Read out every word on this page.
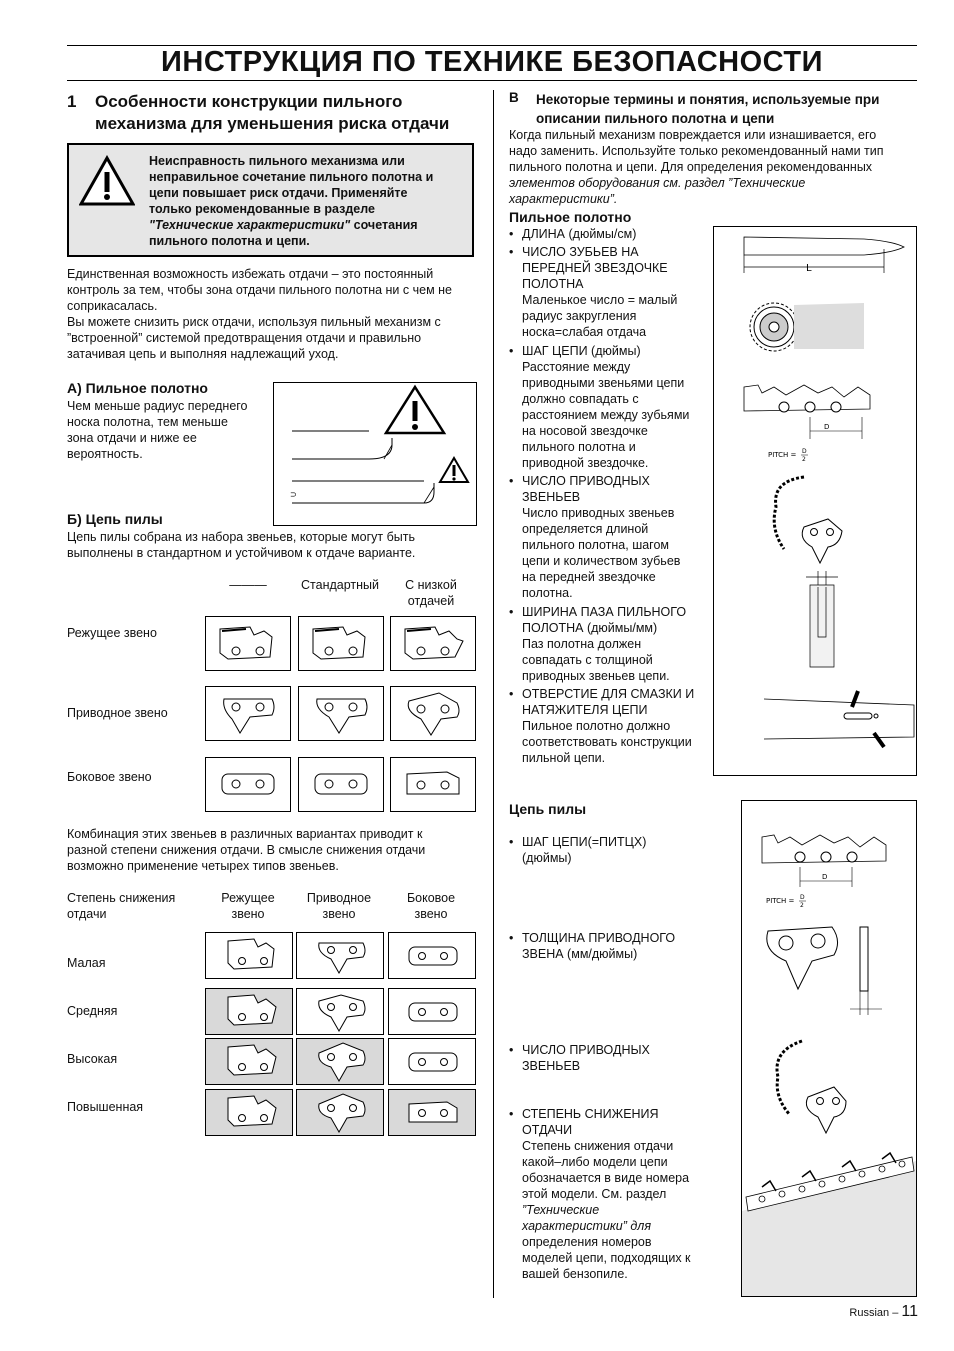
ИНСТРУКЦИЯ ПО ТЕХНИКЕ БЕЗОПАСНОСТИ
1 Особенности конструкции пильного
механизма для уменьшения риска отдачи
Неисправность пильного механизма или
неправильное сочетание пильного полотна и
цепи повышает риск отдачи. Применяйте
только рекомендованные в разделе
"Технические характеристики" сочетания
пильного полотна и цепи.
Единственная возможность избежать отдачи – это постоянный
контроль за тем, чтобы зона отдачи пильного полотна ни с чем не
соприкасалась.
Вы можете снизить риск отдачи, используя пильный механизм с
”встроенной” системой предотвращения отдачи и правильно
затачивая цепь и выполняя надлежащий уход.
А) Пильное полотно
Чем меньше радиус переднего
носка полотна, тем меньше
зона отдачи и ниже ее
вероятность.
⊃
Б) Цепь пилы
Цепь пилы собрана из набора звеньев, которые могут быть
выполнены в стандартном и устойчивом к отдаче варианте.
———	Стандартный	С низкой
отдачей
Режущее звено
Приводное звено
Боковое звено
Комбинация этих звеньев в различных вариантах приводит к
разной степени снижения отдачи. В смысле снижения отдачи
возможно применение четырех типов звеньев.
Степень снижения
отдачи
Режущее
звено
Приводное
звено
Боковое
звено
Малая
Средняя
Высокая
Повышенная
B Некоторые термины и понятия, используемые при
описании пильного полотна и цепи
Когда пильный механизм повреждается или изнашивается, его
надо заменить. Используйте только рекомендованный нами тип
пильного полотна и цепи. Для определения рекомендованных
элементов оборудования см. раздел ”Технические
характеристики”.
Пильное полотно
• ДЛИНА (дюймы/см)
• ЧИСЛО ЗУБЬЕВ НА
ПЕРЕДНЕЙ ЗВЕЗДОЧКЕ
ПОЛОТНА
Маленькое число = малый
радиус закругления
носка=слабая отдача
• ШАГ ЦЕПИ (дюймы)
Расстояние между
приводными звеньями цепи
должно совпадать с
расстоянием между зубьями
на носовой звездочке
пильного полотна и
приводной звездочке.
• ЧИСЛО ПРИВОДНЫХ
ЗВЕНЬЕВ
Число приводных звеньев
определяется длиной
пильного полотна, шагом
цепи и количеством зубьев
на передней звездочке
полотна.
• ШИРИНА ПАЗА ПИЛЬНОГО
ПОЛОТНА (дюймы/мм)
Паз полотна должен
совпадать с толщиной
приводных звеньев цепи.
• ОТВЕРСТИЕ ДЛЯ СМАЗКИ И
НАТЯЖИТЕЛЯ ЦЕПИ
Пильное полотно должно
соответствовать конструкции
пильной цепи.
L
D
PITCH = D
2
Цепь пилы
• ШАГ ЦЕПИ(=ПИТЦХ)
(дюймы)
• ТОЛЩИНА ПРИВОДНОГО
ЗВЕНА (мм/дюймы)
• ЧИСЛО ПРИВОДНЫХ
ЗВЕНЬЕВ
• СТЕПЕНЬ СНИЖЕНИЯ
ОТДАЧИ
Степень снижения отдачи
какой–либо модели цепи
обозначается в виде номера
этой модели. См. раздел
”Технические
характеристики” для
определения номеров
моделей цепи, подходящих к
вашей бензопиле.
D
PITCH = D
2
Russian – 11
